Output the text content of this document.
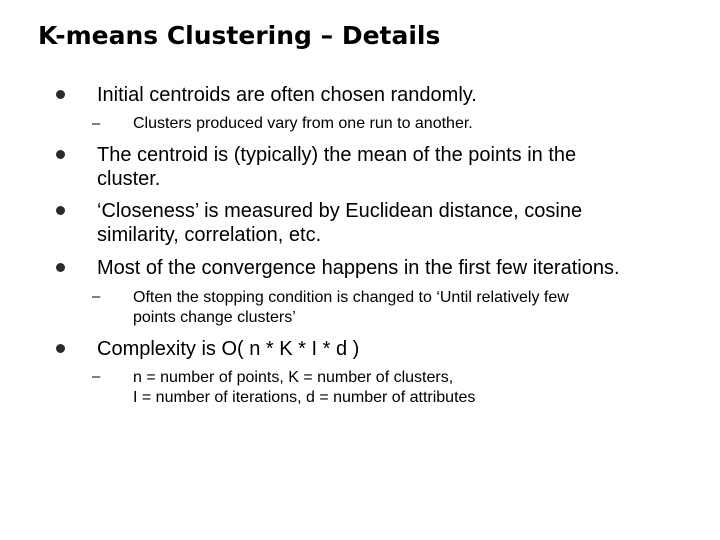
K-means Clustering – Details
Initial centroids are often chosen randomly.
– Clusters produced vary from one run to another.
The centroid is (typically) the mean of the points in the
cluster.
‘Closeness’ is measured by Euclidean distance, cosine
similarity, correlation, etc.
Most of the convergence happens in the first few iterations.
– Often the stopping condition is changed to ‘Until relatively few
points change clusters’
Complexity is O( n * K * I * d )
– n = number of points, K = number of clusters,
I = number of iterations, d = number of attributes
